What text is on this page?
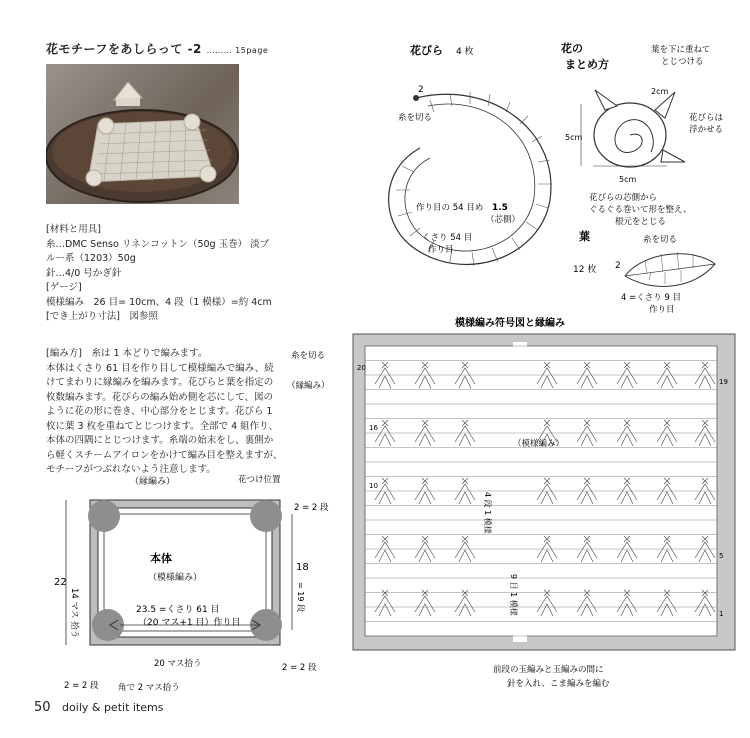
花モチーフをあしらって -2 ……… 15page
[材料と用具]
糸…DMC Senso リネンコットン（50g 玉巻） 淡ブ
ルー系（1203）50g
針…4/0 号かぎ針
[ゲージ]
模様編み　26 目= 10cm、4 段（1 模様）=約 4cm
[でき上がり寸法]　 図参照
[編み方]　 糸は 1 本どりで編みます。
本体はくさり 61 目を作り目して模様編みで編み、続
けてまわりに縁編みを編みます。花びらと葉を指定の
枚数編みます。花びらの編み始め側を芯にして、図の
ように花の形に巻き、中心部分をとじます。花びら 1
枚に葉 3 枚を重ねてとじつけます。全部で 4 組作り、
本体の四隅にとじつけます。糸端の始末をし、裏側か
ら軽くスチームアイロンをかけて編み目を整えますが、
モチーフがつぶれないよう注意します。
（縁編み）	花つけ位置
本体
（模様編み）
23.5 =くさり 61 目
（20 マス+1 目）作り目
14 マス 拾う
20 マス拾う
角で 2 マス拾う
22
18
= 19 段
2 = 2 段
2 = 2 段
2 = 2 段
花びら 4 枚
糸を切る
2
作り目の 54 目め 1.5
（芯側）
くさり 54 目
作り目
花の
まとめ方
葉を下に重ねて
とじつける
2cm
5cm
5cm
花びらは
浮かせる
花びらの芯側から
ぐるぐる巻いて形を整え、
根元をとじる
葉
12 枚
糸を切る
2
4 =くさり 9 目
作り目
模様編み符号図と縁編み
糸を切る
（縁編み）
（模様編み）
4 段 1 模様
9 目 1 模様
20
19
16
10
5
1
前段の玉編みと玉編みの間に
針を入れ、こま編みを編む
50 doily & petit items
